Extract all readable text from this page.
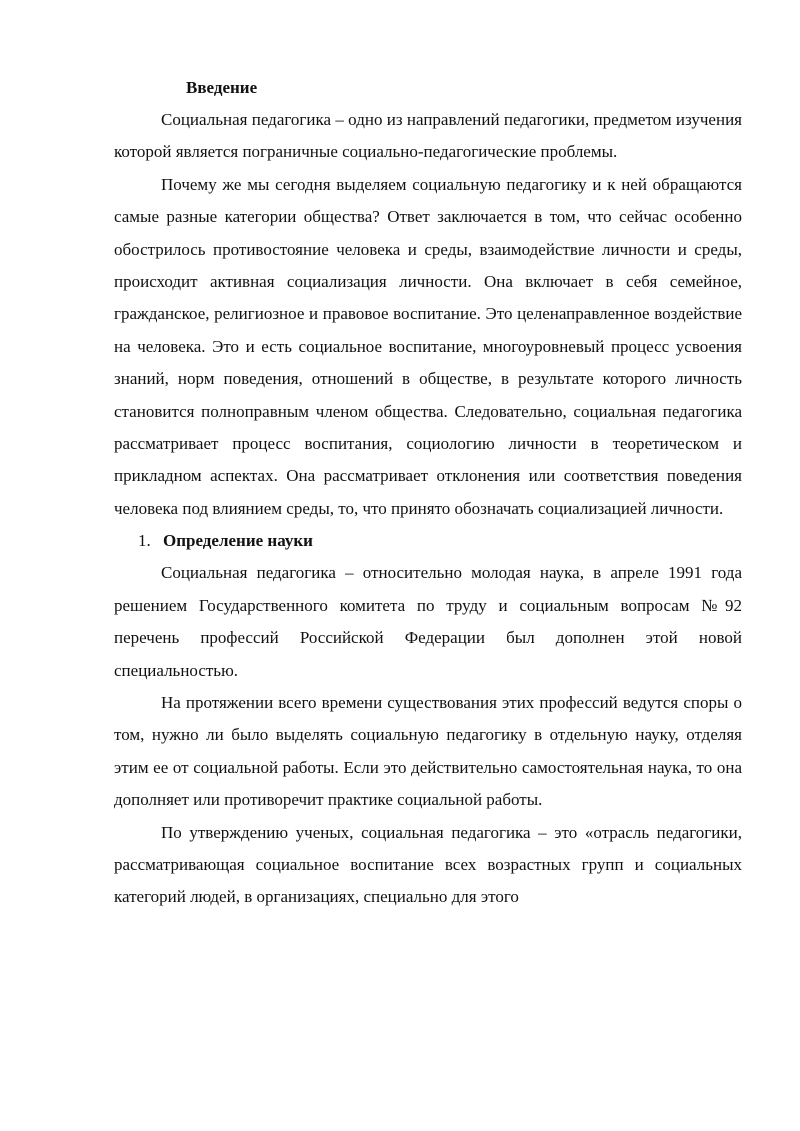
Введение

Социальная педагогика – одно из направлений педагогики, предметом изучения которой является пограничные социально-педагогические проблемы.

Почему же мы сегодня выделяем социальную педагогику и к ней обращаются самые разные категории общества? Ответ заключается в том, что сейчас особенно обострилось противостояние человека и среды, взаимодействие личности и среды, происходит активная социализация личности. Она включает в себя семейное, гражданское, религиозное и правовое воспитание. Это целенаправленное воздействие на человека. Это и есть социальное воспитание, многоуровневый процесс усвоения знаний, норм поведения, отношений в обществе, в результате которого личность становится полноправным членом общества. Следовательно, социальная педагогика рассматривает процесс воспитания, социологию личности в теоретическом и прикладном аспектах. Она рассматривает отклонения или соответствия поведения человека под влиянием среды, то, что принято обозначать социализацией личности.

1. Определение науки

Социальная педагогика – относительно молодая наука, в апреле 1991 года решением Государственного комитета по труду и социальным вопросам №92 перечень профессий Российской Федерации был дополнен этой новой специальностью.

На протяжении всего времени существования этих профессий ведутся споры о том, нужно ли было выделять социальную педагогику в отдельную науку, отделяя этим ее от социальной работы. Если это действительно самостоятельная наука, то она дополняет или противоречит практике социальной работы.

По утверждению ученых, социальная педагогика – это «отрасль педагогики, рассматривающая социальное воспитание всех возрастных групп и социальных категорий людей, в организациях, специально для этого
